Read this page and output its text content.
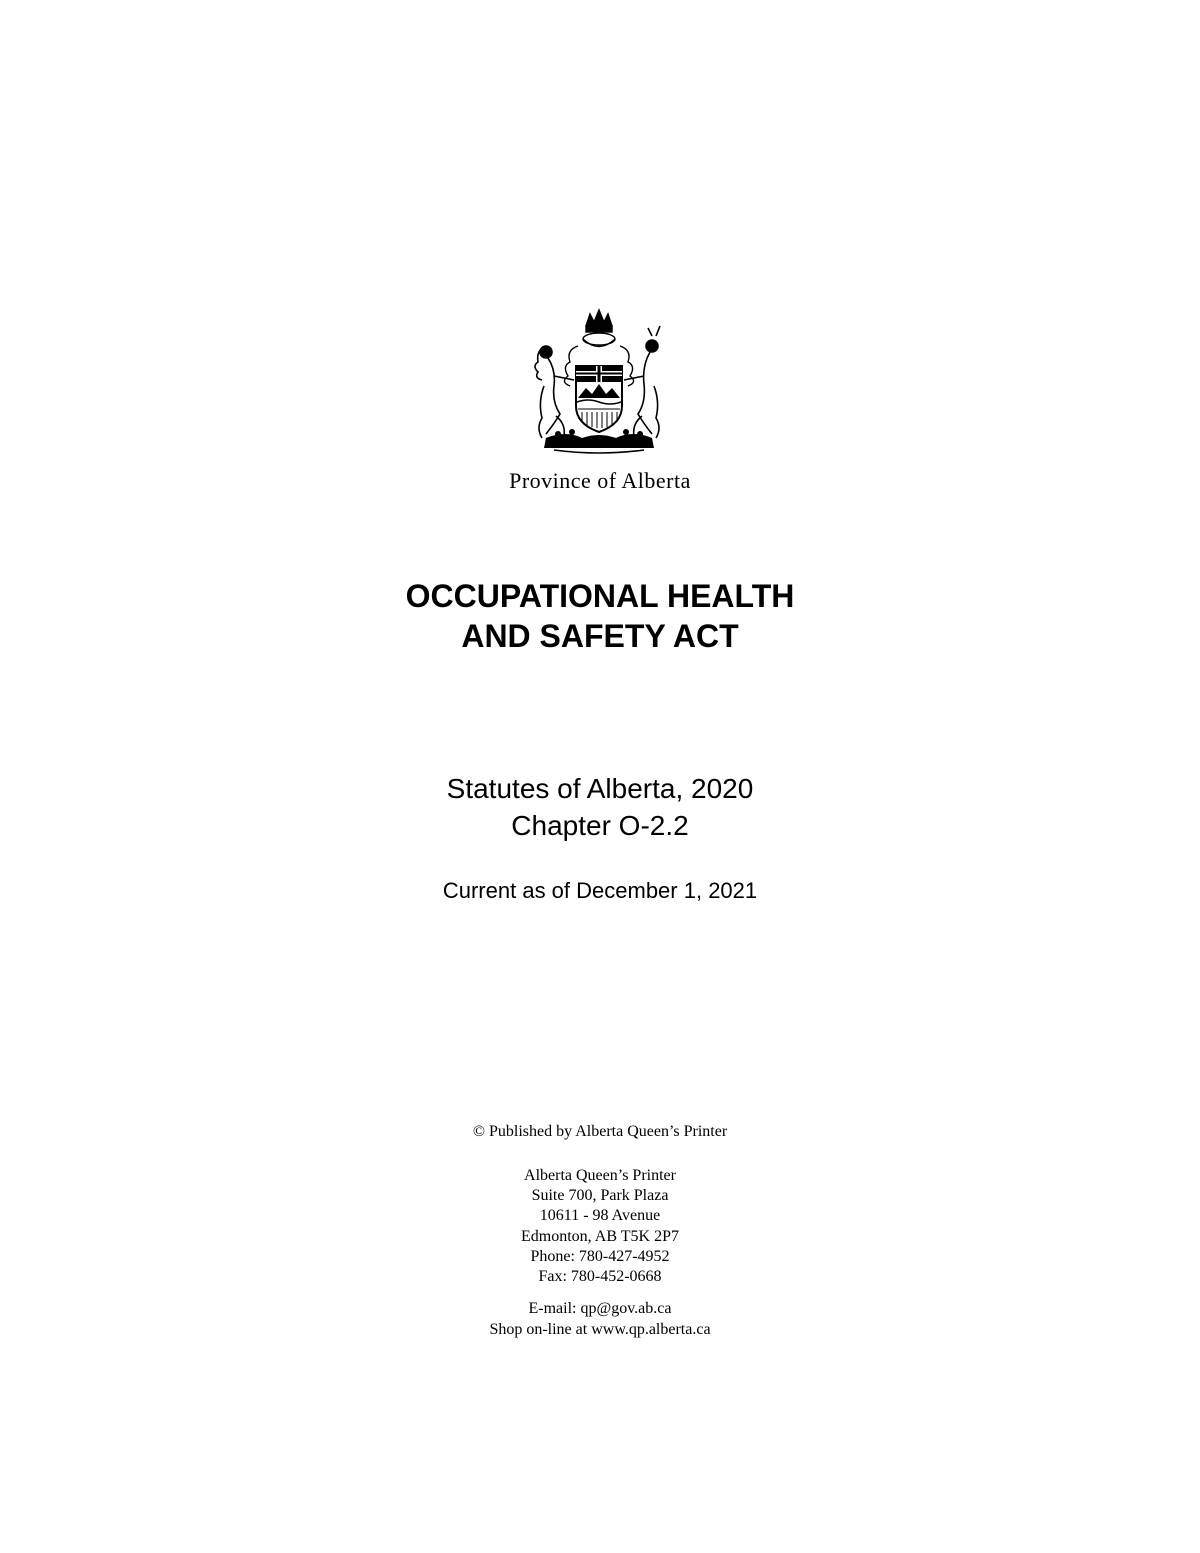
Province of Alberta
OCCUPATIONAL HEALTH
AND SAFETY ACT
Statutes of Alberta, 2020
Chapter O-2.2
Current as of December 1, 2021
© Published by Alberta Queen’s Printer
Alberta Queen’s Printer
Suite 700, Park Plaza
10611 - 98 Avenue
Edmonton, AB T5K 2P7
Phone: 780-427-4952
Fax: 780-452-0668
E-mail: qp@gov.ab.ca
Shop on-line at www.qp.alberta.ca
